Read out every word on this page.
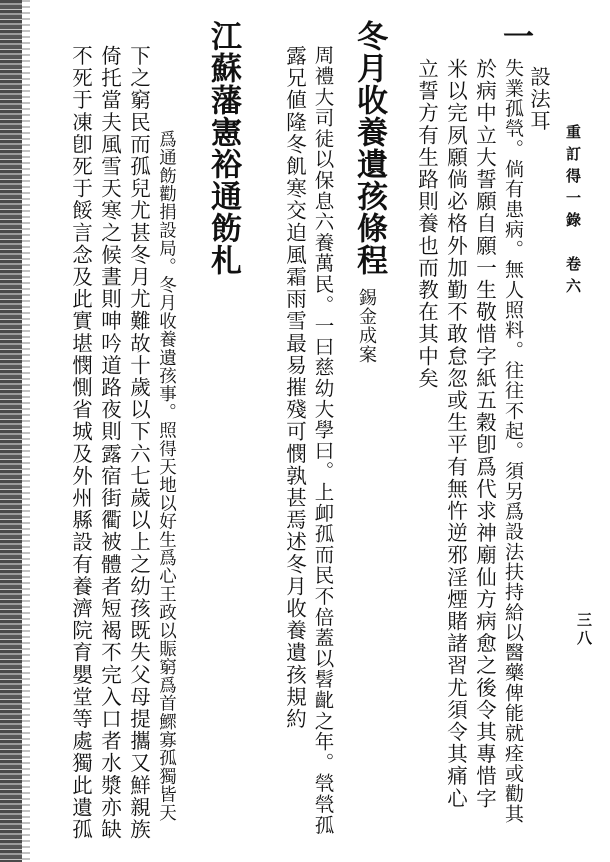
重訂得一錄　卷六
三八
設法耳
一
失業孤煢。倘有患病。無人照料。往往不起。須另爲設法扶持給以醫藥俾能就痊或勸其
於病中立大誓願自願一生敬惜字紙五穀卽爲代求神廟仙方病愈之後令其專惜字
米以完夙願倘必格外加勤不敢怠忽或生平有無忤逆邪淫煙賭諸習尤須令其痛心
立誓方有生路則養也而教在其中矣
冬月收養遺孩條程
錫金成案
周禮大司徒以保息六養萬民。一曰慈幼大學曰。上卹孤而民不倍蓋以髫齔之年。煢煢孤
露兄値隆冬飢寒交迫風霜雨雪最易摧殘可憫孰甚焉述冬月收養遺孩規約
江蘇藩憲裕通飭札
爲通飭勸捐設局。冬月收養遺孩事。照得天地以好生爲心王政以賑窮爲首鰥寡孤獨皆天
下之窮民而孤兒尤甚冬月尤難故十歲以下六七歲以上之幼孩既失父母提攜又鮮親族
倚托當夫風雪天寒之候晝則呻吟道路夜則露宿街衢被體者短褐不完入口者水漿亦缺
不死于凍卽死于餒言念及此實堪憫惻省城及外州縣設有養濟院育嬰堂等處獨此遺孤
